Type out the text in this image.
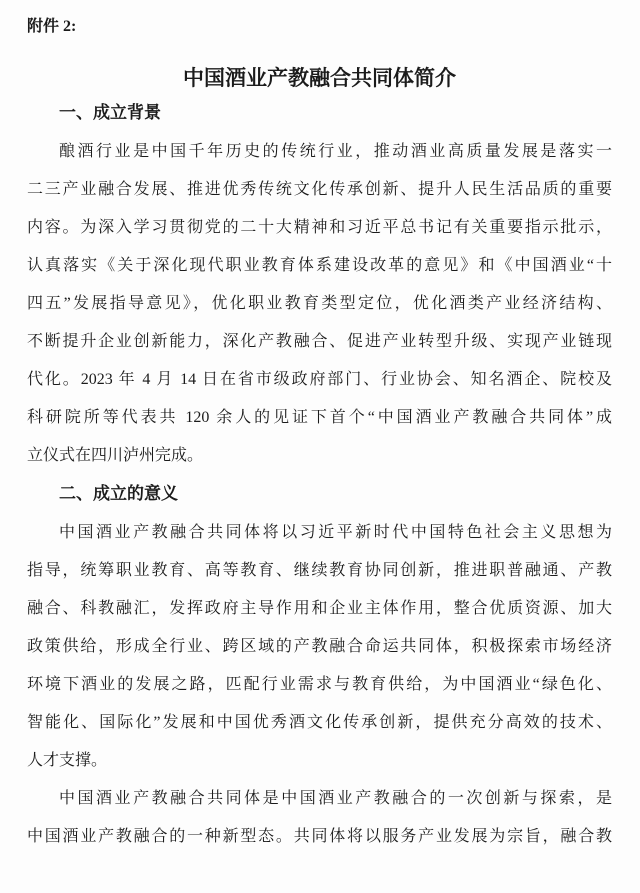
附件 2:
中国酒业产教融合共同体简介
一、成立背景
酿酒行业是中国千年历史的传统行业，推动酒业高质量发展是落实一
二三产业融合发展、推进优秀传统文化传承创新、提升人民生活品质的重要
内容。为深入学习贯彻党的二十大精神和习近平总书记有关重要指示批示，
认真落实《关于深化现代职业教育体系建设改革的意见》和《中国酒业“十
四五”发展指导意见》，优化职业教育类型定位，优化酒类产业经济结构、
不断提升企业创新能力，深化产教融合、促进产业转型升级、实现产业链现
代化。2023 年 4 月 14 日在省市级政府部门、行业协会、知名酒企、院校及
科研院所等代表共 120 余人的见证下首个“中国酒业产教融合共同体”成
立仪式在四川泸州完成。
二、成立的意义
中国酒业产教融合共同体将以习近平新时代中国特色社会主义思想为
指导，统筹职业教育、高等教育、继续教育协同创新，推进职普融通、产教
融合、科教融汇，发挥政府主导作用和企业主体作用，整合优质资源、加大
政策供给，形成全行业、跨区域的产教融合命运共同体，积极探索市场经济
环境下酒业的发展之路，匹配行业需求与教育供给，为中国酒业“绿色化、
智能化、国际化”发展和中国优秀酒文化传承创新，提供充分高效的技术、
人才支撑。
中国酒业产教融合共同体是中国酒业产教融合的一次创新与探索，是
中国酒业产教融合的一种新型态。共同体将以服务产业发展为宗旨，融合教
